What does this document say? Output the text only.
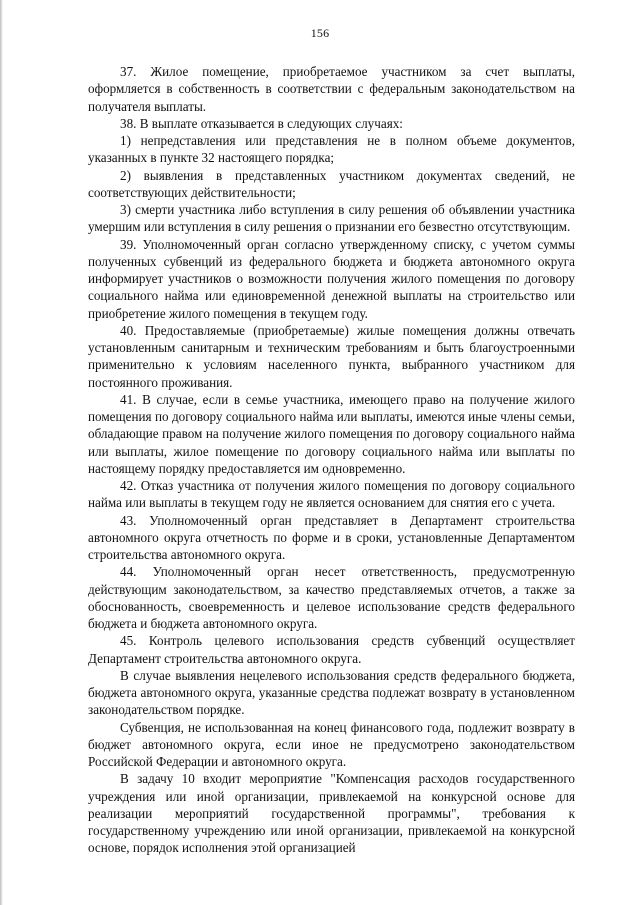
156

37. Жилое помещение, приобретаемое участником за счет выплаты, оформляется в собственность в соответствии с федеральным законодательством на получателя выплаты.

38. В выплате отказывается в следующих случаях:

1) непредставления или представления не в полном объеме документов, указанных в пункте 32 настоящего порядка;

2) выявления в представленных участником документах сведений, не соответствующих действительности;

3) смерти участника либо вступления в силу решения об объявлении участника умершим или вступления в силу решения о признании его безвестно отсутствующим.

39. Уполномоченный орган согласно утвержденному списку, с учетом суммы полученных субвенций из федерального бюджета и бюджета автономного округа информирует участников о возможности получения жилого помещения по договору социального найма или единовременной денежной выплаты на строительство или приобретение жилого помещения в текущем году.

40. Предоставляемые (приобретаемые) жилые помещения должны отвечать установленным санитарным и техническим требованиям и быть благоустроенными применительно к условиям населенного пункта, выбранного участником для постоянного проживания.

41. В случае, если в семье участника, имеющего право на получение жилого помещения по договору социального найма или выплаты, имеются иные члены семьи, обладающие правом на получение жилого помещения по договору социального найма или выплаты, жилое помещение по договору социального найма или выплаты по настоящему порядку предоставляется им одновременно.

42. Отказ участника от получения жилого помещения по договору социального найма или выплаты в текущем году не является основанием для снятия его с учета.

43. Уполномоченный орган представляет в Департамент строительства автономного округа отчетность по форме и в сроки, установленные Департаментом строительства автономного округа.

44. Уполномоченный орган несет ответственность, предусмотренную действующим законодательством, за качество представляемых отчетов, а также за обоснованность, своевременность и целевое использование средств федерального бюджета и бюджета автономного округа.

45. Контроль целевого использования средств субвенций осуществляет Департамент строительства автономного округа.

В случае выявления нецелевого использования средств федерального бюджета, бюджета автономного округа, указанные средства подлежат возврату в установленном законодательством порядке.

Субвенция, не использованная на конец финансового года, подлежит возврату в бюджет автономного округа, если иное не предусмотрено законодательством Российской Федерации и автономного округа.

В задачу 10 входит мероприятие "Компенсация расходов государственного учреждения или иной организации, привлекаемой на конкурсной основе для реализации мероприятий государственной программы", требования к государственному учреждению или иной организации, привлекаемой на конкурсной основе, порядок исполнения этой организацией
